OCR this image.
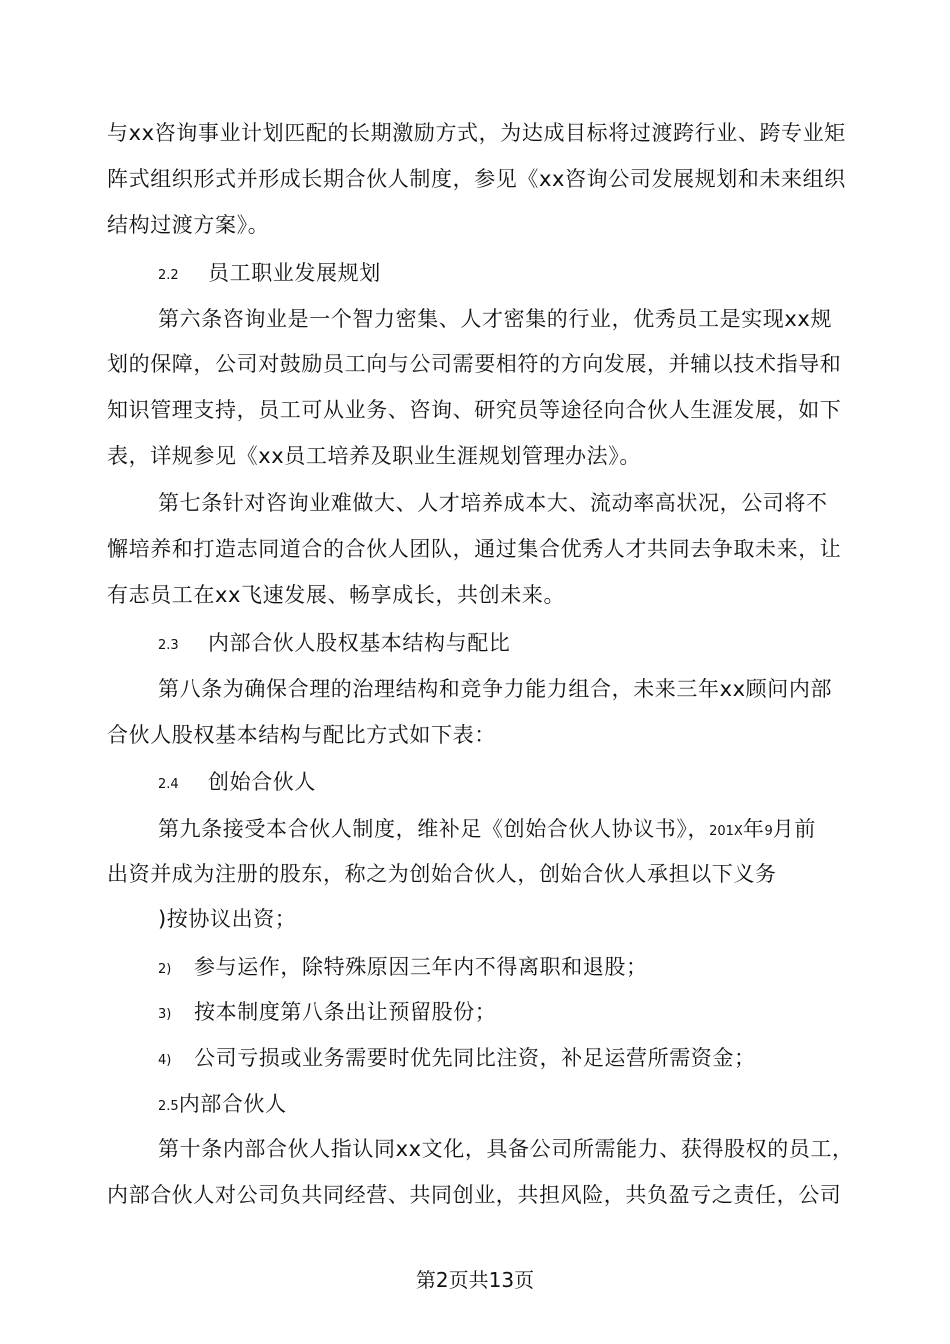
与xx咨询事业计划匹配的长期激励方式，为达成目标将过渡跨行业、跨专业矩
阵式组织形式并形成长期合伙人制度，参见《xx咨询公司发展规划和未来组织
结构过渡方案》。
2.2 员工职业发展规划
第六条咨询业是一个智力密集、人才密集的行业，优秀员工是实现xx规
划的保障，公司对鼓励员工向与公司需要相符的方向发展，并辅以技术指导和
知识管理支持，员工可从业务、咨询、研究员等途径向合伙人生涯发展，如下
表，详规参见《xx员工培养及职业生涯规划管理办法》。
第七条针对咨询业难做大、人才培养成本大、流动率高状况，公司将不
懈培养和打造志同道合的合伙人团队，通过集合优秀人才共同去争取未来，让
有志员工在xx飞速发展、畅享成长，共创未来。
2.3 内部合伙人股权基本结构与配比
第八条为确保合理的治理结构和竞争力能力组合，未来三年xx顾问内部
合伙人股权基本结构与配比方式如下表：
2.4 创始合伙人
第九条接受本合伙人制度，维补足《创始合伙人协议书》，201X年9月前
出资并成为注册的股东，称之为创始合伙人，创始合伙人承担以下义务
)按协议出资；
2) 参与运作，除特殊原因三年内不得离职和退股；
3) 按本制度第八条出让预留股份；
4) 公司亏损或业务需要时优先同比注资，补足运营所需资金；
2.5内部合伙人
第十条内部合伙人指认同xx文化，具备公司所需能力、获得股权的员工，
内部合伙人对公司负共同经营、共同创业，共担风险，共负盈亏之责任，公司
第2页共13页
